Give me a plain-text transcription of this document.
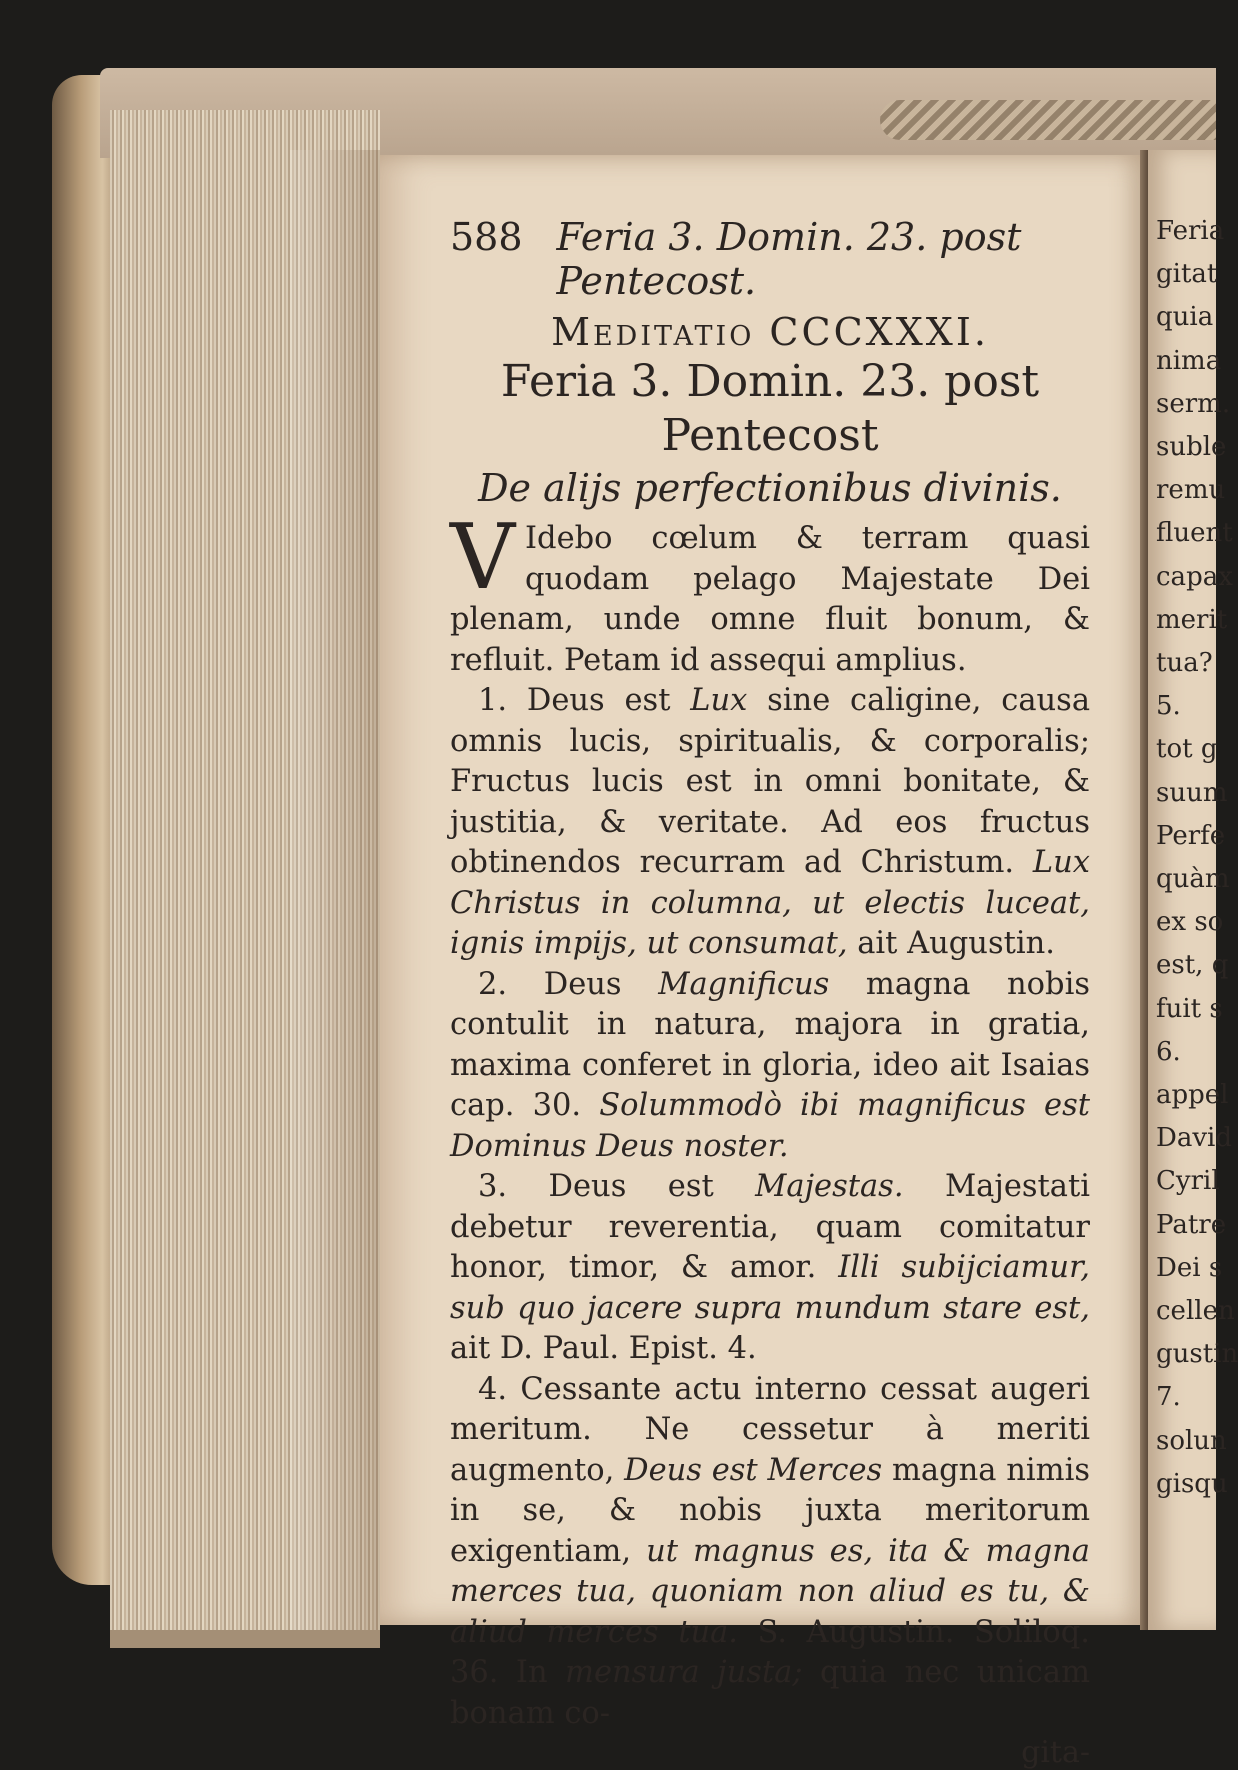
588 Feria 3. Domin. 23. post Pentecost.
Meditatio CCCXXXI.
Feria 3. Domin. 23. post Pentecost
De alijs perfectionibus divinis.

V Idebo cœlum & terram quasi quodam pelago Majestate Dei plenam, unde omne fluit bonum, & refluit. Petam id assequi amplius.

1. Deus est Lux sine caligine, causa omnis lucis, spiritualis, & corporalis; Fructus lucis est in omni bonitate, & justitia, & veritate. Ad eos fructus obtinendos recurram ad Christum. Lux Christus in columna, ut electis luceat, ignis impijs, ut consumat, ait Augustin.

2. Deus Magnificus magna nobis contulit in natura, majora in gratia, maxima conferet in gloria, ideo ait Isaias cap. 30. Solummodò ibi magnificus est Dominus Deus noster.

3. Deus est Majestas. Majestati debetur reverentia, quam comitatur honor, timor, & amor. Illi subijciamur, sub quo jacere supra mundum stare est, ait D. Paul. Epist. 4.

4. Cessante actu interno cessat augeri meritum. Ne cessetur à meriti augmento, Deus est Merces magna nimis in se, & nobis juxta meritorum exigentiam, ut magnus es, ita & magna merces tua, quoniam non aliud es tu, & aliud merces tua. S. Augustin. Soliloq. 36. In mensura justa; quia nec unicam bonam co-

gita-
Feria
gitat
quia
nima
serm.
suble
remu
fluent
capax
merit
tua?
5.
tot g
suum
Perfe
quàm
ex so
est, q
fuit s
6.
appel
David
Cyril
Patre
Dei s
cellen
gustin
7.
solun
gisqu
